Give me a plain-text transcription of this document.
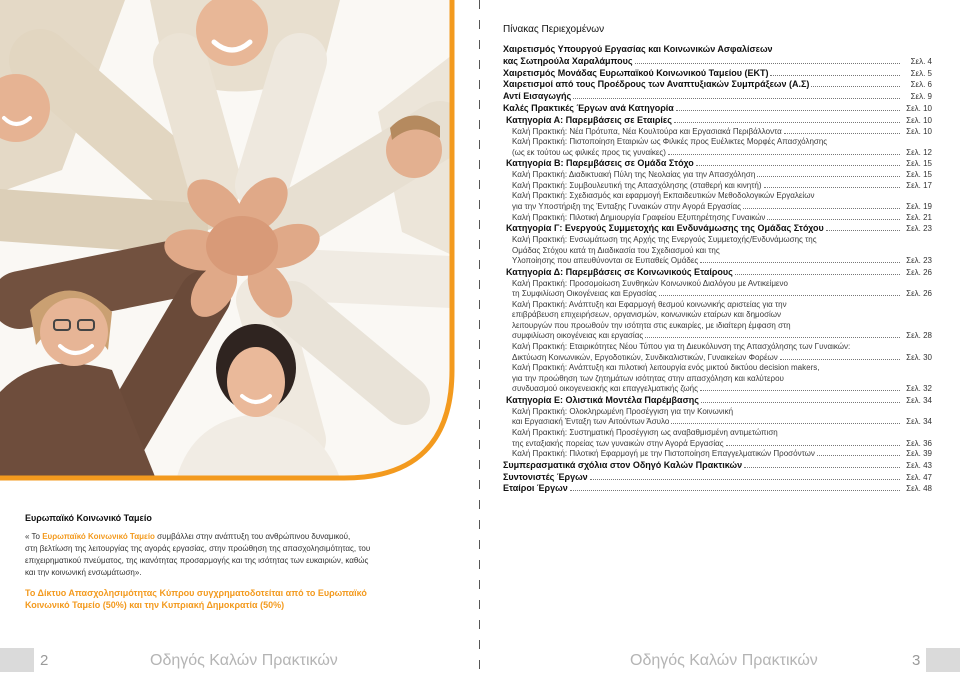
Ευρωπαϊκό Κοινωνικό Ταμείο
« Το Ευρωπαϊκό Κοινωνικό Ταμείο συμβάλλει στην ανάπτυξη του ανθρώπινου δυναμικού,
στη βελτίωση της λειτουργίας της αγοράς εργασίας, στην προώθηση της απασχολησιμότητας, του
επιχειρηματικού πνεύματος, της ικανότητας προσαρμογής και της ισότητας των ευκαιριών, καθώς
και την κοινωνική ενσωμάτωση».
Το Δίκτυο Απασχολησιμότητας Κύπρου συγχρηματοδοτείται από το Ευρωπαϊκό
Κοινωνικό Ταμείο (50%) και την Κυπριακή Δημοκρατία (50%)
2	Οδηγός Καλών Πρακτικών
Πίνακας Περιεχομένων
Χαιρετισμός Υπουργού Εργασίας και Κοινωνικών Ασφαλίσεων
κας Σωτηρούλα Χαραλάμπους	Σελ. 4
Χαιρετισμός Μονάδας Ευρωπαϊκού Κοινωνικού Ταμείου (ΕΚΤ)	Σελ. 5
Χαιρετισμοί από τους Προέδρους των Αναπτυξιακών Συμπράξεων (Α.Σ)	Σελ. 6
Αντί Εισαγωγής	Σελ. 9
Καλές Πρακτικές Έργων ανά Κατηγορία	Σελ. 10
Κατηγορία Α: Παρεμβάσεις σε Εταιρίες	Σελ. 10
Καλή Πρακτική: Νέα Πρότυπα, Νέα Κουλτούρα και Εργασιακά Περιβάλλοντα	Σελ. 10
Καλή Πρακτική: Πιστοποίηση Εταιριών ως Φιλικές προς Ευέλικτες Μορφές Απασχόλησης
(ως εκ τούτου ως φιλικές προς τις γυναίκες)	Σελ. 12
Κατηγορία Β: Παρεμβάσεις σε Ομάδα Στόχο	Σελ. 15
Καλή Πρακτική: Διαδικτυακή Πύλη της Νεολαίας για την Απασχόληση	Σελ. 15
Καλή Πρακτική: Συμβουλευτική της Απασχόλησης (σταθερή και κινητή)	Σελ. 17
Καλή Πρακτική: Σχεδιασμός και εφαρμογή Εκπαιδευτικών Μεθοδολογικών Εργαλείων
για την Υποστήριξη της Ένταξης Γυναικών στην Αγορά Εργασίας	Σελ. 19
Καλή Πρακτική: Πιλοτική Δημιουργία Γραφείου Εξυπηρέτησης Γυναικών	Σελ. 21
Κατηγορία Γ: Ενεργούς Συμμετοχής και Ενδυνάμωσης της Ομάδας Στόχου	Σελ. 23
Καλή Πρακτική: Ενσωμάτωση της Αρχής της Ενεργούς Συμμετοχής/Ενδυνάμωσης της
Ομάδας Στόχου κατά τη Διαδικασία του Σχεδιασμού και της
Υλοποίησης που απευθύνονται σε Ευπαθείς Ομάδες	Σελ. 23
Κατηγορία Δ: Παρεμβάσεις σε Κοινωνικούς Εταίρους	Σελ. 26
Καλή Πρακτική: Προσομοίωση Συνθηκών Κοινωνικού Διαλόγου με Αντικείμενο
τη Συμφιλίωση Οικογένειας και Εργασίας	Σελ. 26
Καλή Πρακτική: Ανάπτυξη και Εφαρμογή θεσμού κοινωνικής αριστείας για την
επιβράβευση επιχειρήσεων, οργανισμών, κοινωνικών εταίρων και δημοσίων
λειτουργών που προωθούν την ισότητα στις ευκαιρίες, με ιδιαίτερη έμφαση στη
συμφιλίωση οικογένειας και εργασίας	Σελ. 28
Καλή Πρακτική: Εταιρικότητες Νέου Τύπου για τη Διευκόλυνση της Απασχόλησης των Γυναικών:
Δικτύωση Κοινωνικών, Εργοδοτικών, Συνδικαλιστικών, Γυναικείων Φορέων	Σελ. 30
Καλή Πρακτική: Ανάπτυξη και πιλοτική λειτουργία ενός μικτού δικτύου decision makers,
για την προώθηση των ζητημάτων ισότητας στην απασχόληση και καλύτερου
συνδυασμού οικογενειακής και επαγγελματικής ζωής	Σελ. 32
Κατηγορία Ε: Ολιστικά Μοντέλα Παρέμβασης	Σελ. 34
Καλή Πρακτική: Ολοκληρωμένη Προσέγγιση για την Κοινωνική
και Εργασιακή Ένταξη των Αιτούντων Άσυλο	Σελ. 34
Καλή Πρακτική: Συστηματική Προσέγγιση ως αναβαθμισμένη αντιμετώπιση
της ενταξιακής πορείας των γυναικών στην Αγορά Εργασίας	Σελ. 36
Καλή Πρακτική: Πιλοτική Εφαρμογή με την Πιστοποίηση Επαγγελματικών Προσόντων	Σελ. 39
Συμπερασματικά σχόλια στον Οδηγό Καλών Πρακτικών	Σελ. 43
Συντονιστές Έργων	Σελ. 47
Εταίροι Έργων	Σελ. 48
Οδηγός Καλών Πρακτικών	3
